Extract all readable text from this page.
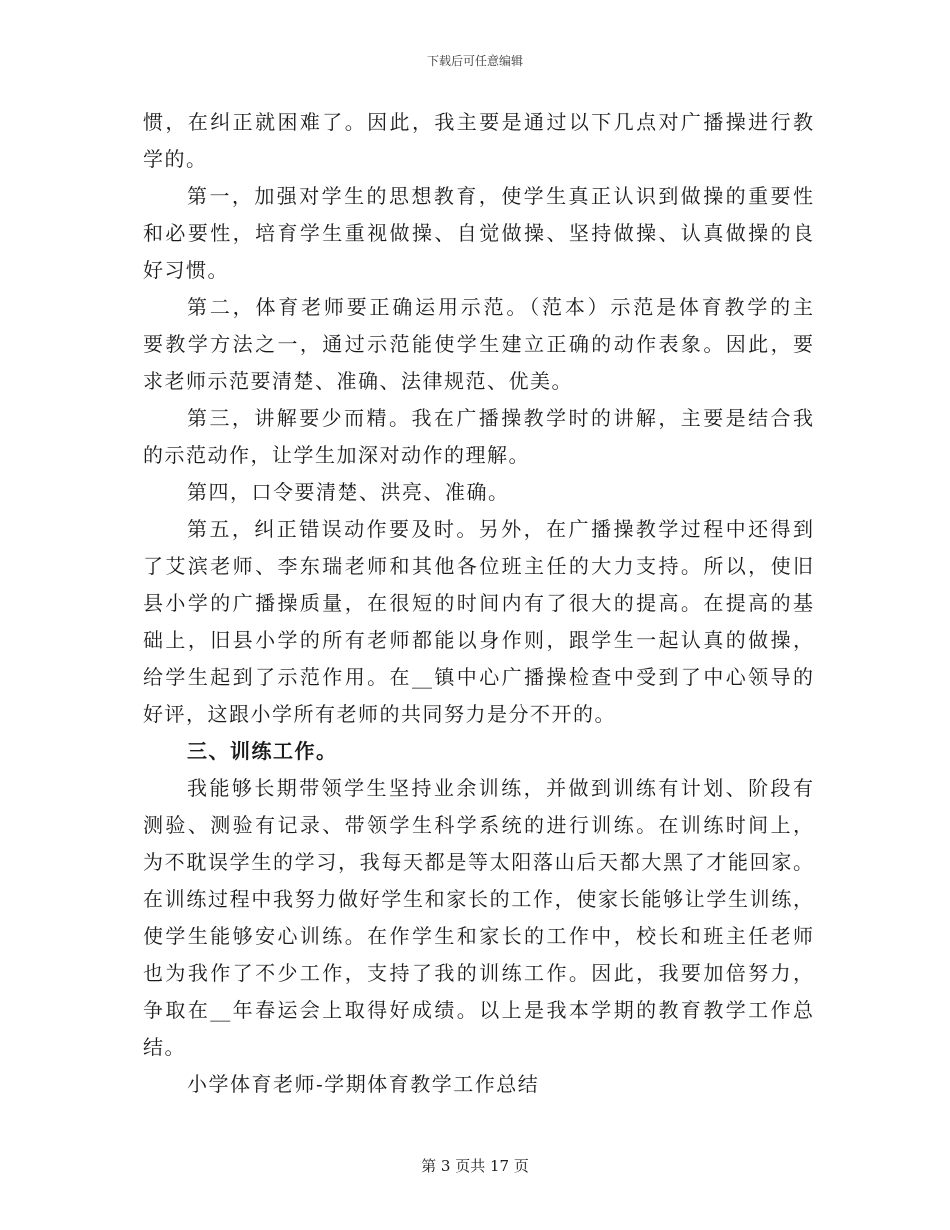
下载后可任意编辑
惯，在纠正就困难了。因此，我主要是通过以下几点对广播操进行教
学的。
第一，加强对学生的思想教育，使学生真正认识到做操的重要性
和必要性，培育学生重视做操、自觉做操、坚持做操、认真做操的良
好习惯。
第二，体育老师要正确运用示范。（范本）示范是体育教学的主
要教学方法之一，通过示范能使学生建立正确的动作表象。因此，要
求老师示范要清楚、准确、法律规范、优美。
第三，讲解要少而精。我在广播操教学时的讲解，主要是结合我
的示范动作，让学生加深对动作的理解。
第四，口令要清楚、洪亮、准确。
第五，纠正错误动作要及时。另外，在广播操教学过程中还得到
了艾滨老师、李东瑞老师和其他各位班主任的大力支持。所以，使旧
县小学的广播操质量，在很短的时间内有了很大的提高。在提高的基
础上，旧县小学的所有老师都能以身作则，跟学生一起认真的做操，
给学生起到了示范作用。在__镇中心广播操检查中受到了中心领导的
好评，这跟小学所有老师的共同努力是分不开的。
三、训练工作。
我能够长期带领学生坚持业余训练，并做到训练有计划、阶段有
测验、测验有记录、带领学生科学系统的进行训练。在训练时间上，
为不耽误学生的学习，我每天都是等太阳落山后天都大黑了才能回家。
在训练过程中我努力做好学生和家长的工作，使家长能够让学生训练，
使学生能够安心训练。在作学生和家长的工作中，校长和班主任老师
也为我作了不少工作，支持了我的训练工作。因此，我要加倍努力，
争取在__年春运会上取得好成绩。以上是我本学期的教育教学工作总
结。
小学体育老师-学期体育教学工作总结
第 3 页共 17 页
